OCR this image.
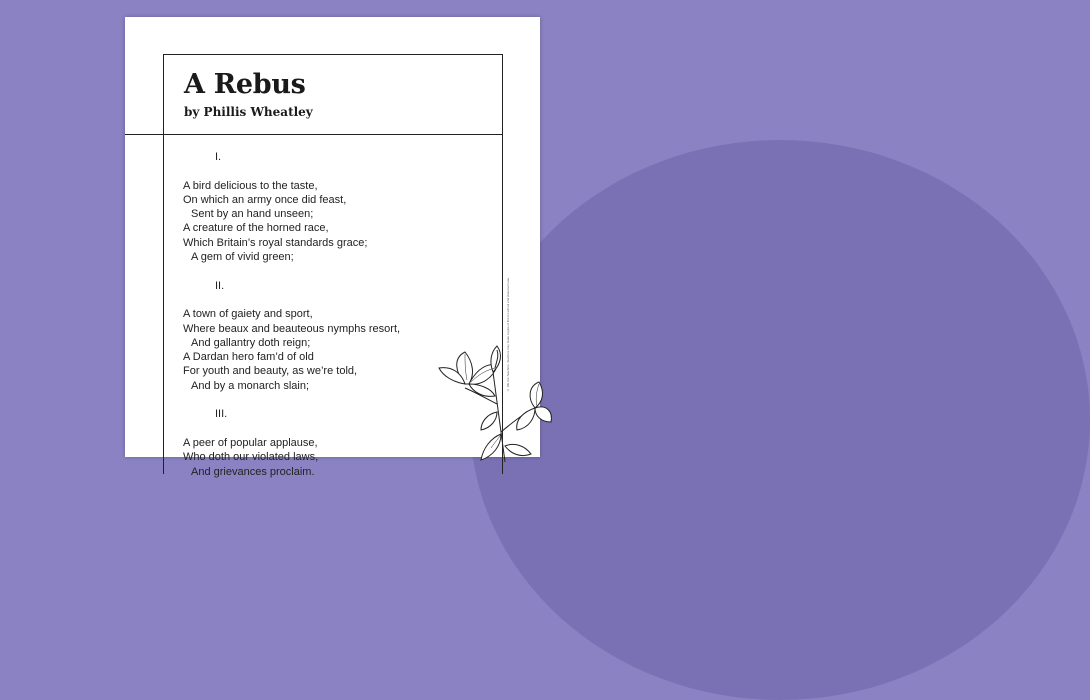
A Rebus

by Phillis Wheatley

I.
A bird delicious to the taste,
On which an army once did feast,
Sent by an hand unseen;
A creature of the horned race,
Which Britain’s royal standards grace;
A gem of vivid green;
II.
A town of gaiety and sport,
Where beaux and beauteous nymphs resort,
And gallantry doth reign;
A Dardan hero fam’d of old
For youth and beauty, as we’re told,
And by a monarch slain;
III.
A peer of popular applause,
Who doth our violated laws,
And grievances proclaim.
© We Are Teachers. Teachers may make copies of this for school and classroom use.
